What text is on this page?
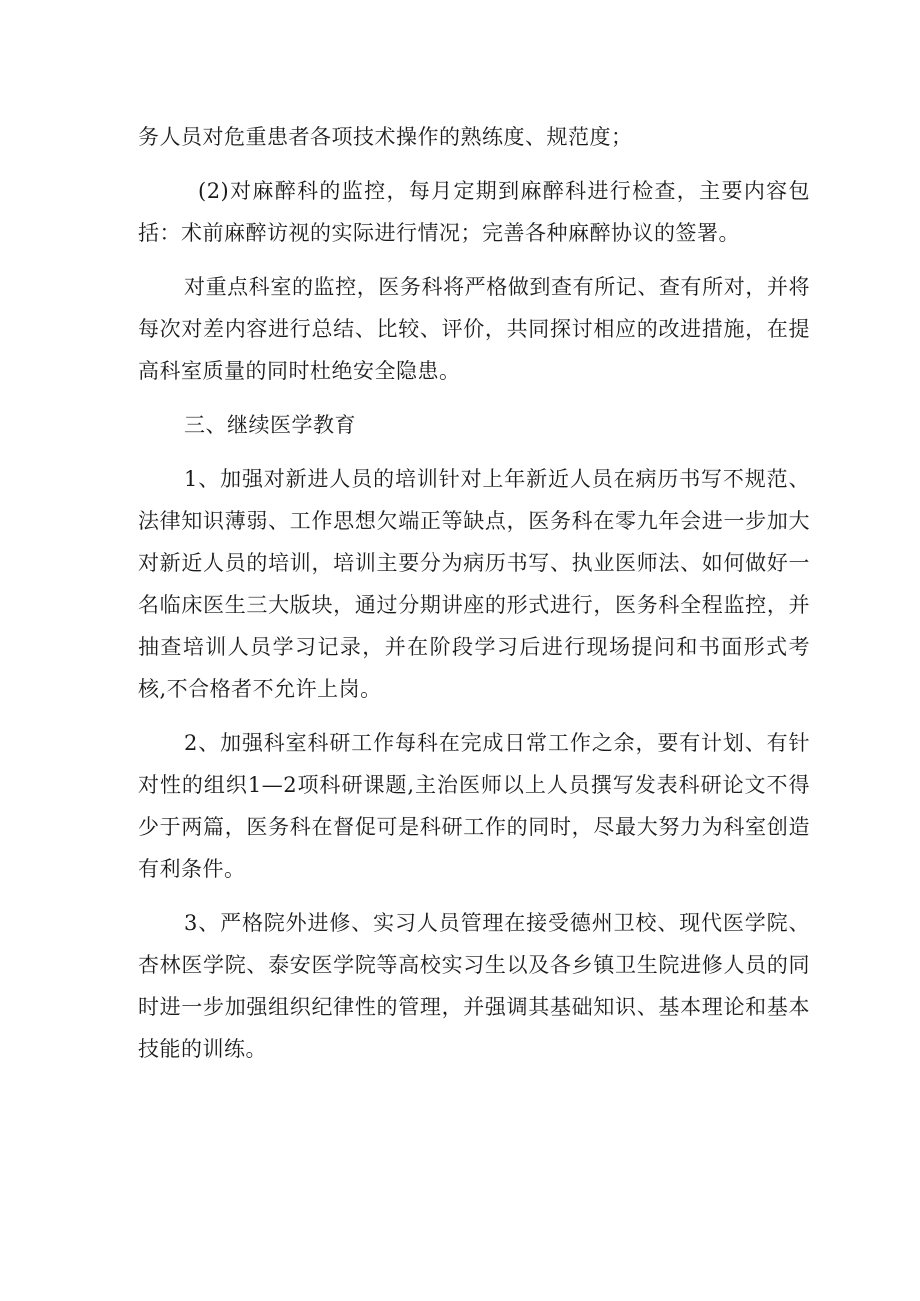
务人员对危重患者各项技术操作的熟练度、规范度；

(2)对麻醉科的监控，每月定期到麻醉科进行检查，主要内容包括：术前麻醉访视的实际进行情况；完善各种麻醉协议的签署。

对重点科室的监控，医务科将严格做到查有所记、查有所对，并将每次对差内容进行总结、比较、评价，共同探讨相应的改进措施，在提高科室质量的同时杜绝安全隐患。

三、继续医学教育

1、加强对新进人员的培训针对上年新近人员在病历书写不规范、法律知识薄弱、工作思想欠端正等缺点，医务科在零九年会进一步加大对新近人员的培训，培训主要分为病历书写、执业医师法、如何做好一名临床医生三大版块，通过分期讲座的形式进行，医务科全程监控，并抽查培训人员学习记录，并在阶段学习后进行现场提问和书面形式考核,不合格者不允许上岗。

2、加强科室科研工作每科在完成日常工作之余，要有计划、有针对性的组织1—2项科研课题,主治医师以上人员撰写发表科研论文不得少于两篇，医务科在督促可是科研工作的同时，尽最大努力为科室创造有利条件。

3、严格院外进修、实习人员管理在接受德州卫校、现代医学院、杏林医学院、泰安医学院等高校实习生以及各乡镇卫生院进修人员的同时进一步加强组织纪律性的管理，并强调其基础知识、基本理论和基本技能的训练。
